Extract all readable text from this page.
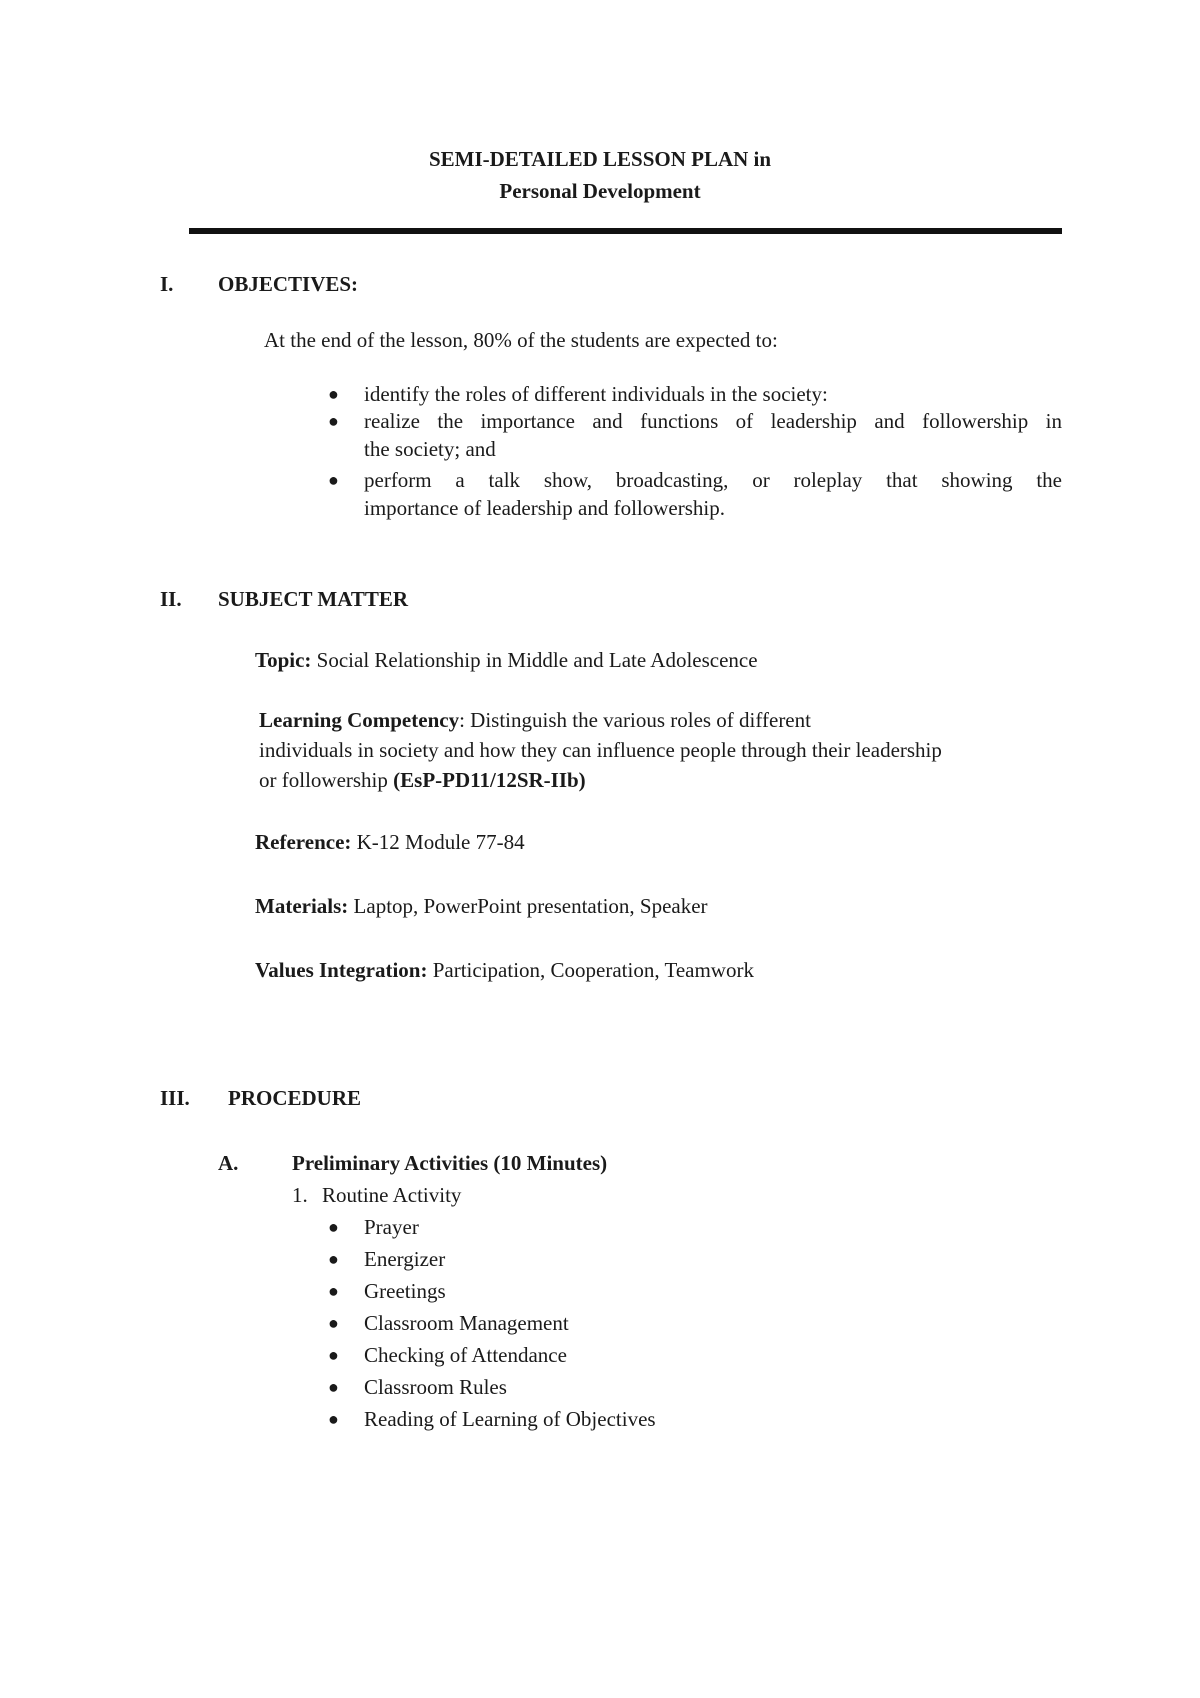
SEMI-DETAILED LESSON PLAN in
Personal Development
I. OBJECTIVES:
At the end of the lesson, 80% of the students are expected to:
● identify the roles of different individuals in the society:
● realize the importance and functions of leadership and followership in
the society; and
● perform a talk show, broadcasting, or roleplay that showing the
importance of leadership and followership.
II. SUBJECT MATTER
Topic: Social Relationship in Middle and Late Adolescence
Learning Competency: Distinguish the various roles of different
individuals in society and how they can influence people through their leadership
or followership (EsP-PD11/12SR-IIb)
Reference: K-12 Module 77-84
Materials: Laptop, PowerPoint presentation, Speaker
Values Integration: Participation, Cooperation, Teamwork
III. PROCEDURE
A.	Preliminary Activities (10 Minutes)
1. Routine Activity
● Prayer
● Energizer
● Greetings
● Classroom Management
● Checking of Attendance
● Classroom Rules
● Reading of Learning of Objectives
